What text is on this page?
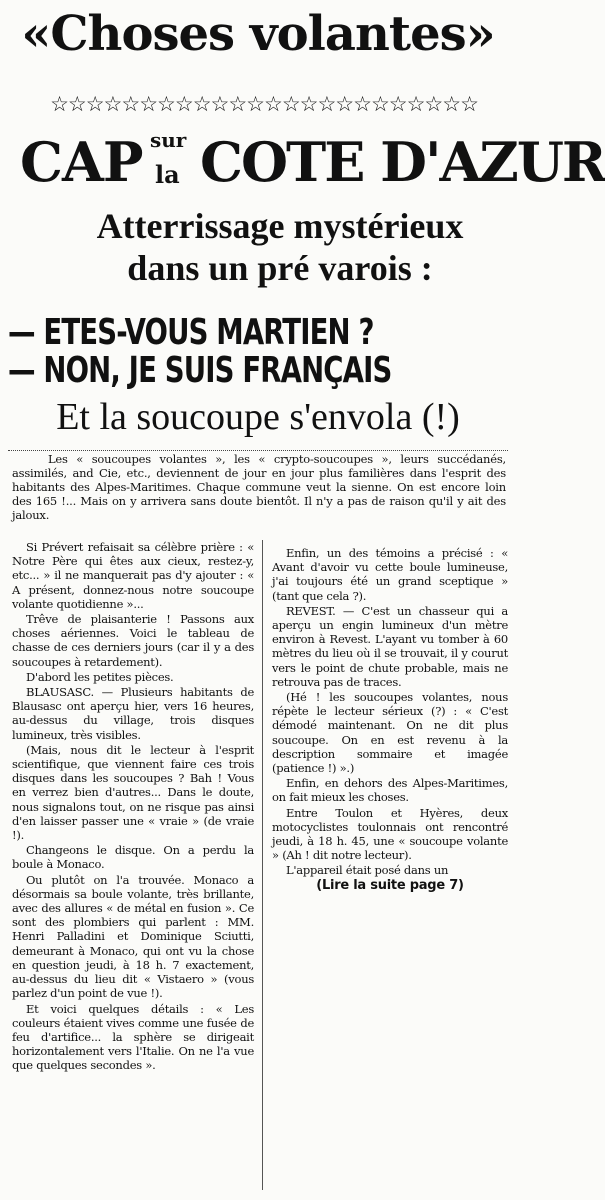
«Choses volantes»
☆☆☆☆☆☆☆☆☆☆☆☆☆☆☆☆☆☆☆☆☆☆☆☆
CAP sur
la COTE D'AZUR
Atterrissage mystérieux
dans un pré varois :
— ETES-VOUS MARTIEN ?
— NON, JE SUIS FRANÇAIS
Et la soucoupe s'envola (!)

Les « soucoupes volantes », les « crypto-soucoupes », leurs succédanés, assimilés, and Cie, etc., deviennent de jour en jour plus familières dans l'esprit des habitants des Alpes-Maritimes. Chaque commune veut la sienne. On est encore loin des 165 !... Mais on y arrivera sans doute bientôt. Il n'y a pas de raison qu'il y ait des jaloux.

Si Prévert refaisait sa célèbre prière : « Notre Père qui êtes aux cieux, restez-y, etc... » il ne manquerait pas d'y ajouter : « A présent, donnez-nous notre soucoupe volante quotidienne »...

Trêve de plaisanterie ! Passons aux choses aériennes. Voici le tableau de chasse de ces derniers jours (car il y a des soucoupes à retardement).

D'abord les petites pièces.

BLAUSASC. — Plusieurs habitants de Blausasc ont aperçu hier, vers 16 heures, au-dessus du village, trois disques lumineux, très visibles.

(Mais, nous dit le lecteur à l'esprit scientifique, que viennent faire ces trois disques dans les soucoupes ? Bah ! Vous en verrez bien d'autres... Dans le doute, nous signalons tout, on ne risque pas ainsi d'en laisser passer une « vraie » (de vraie !).

Changeons le disque. On a perdu la boule à Monaco.

Ou plutôt on l'a trouvée. Monaco a désormais sa boule volante, très brillante, avec des allures « de métal en fusion ». Ce sont des plombiers qui parlent : MM. Henri Palladini et Dominique Sciutti, demeurant à Monaco, qui ont vu la chose en question jeudi, à 18 h. 7 exactement, au-dessus du lieu dit « Vistaero » (vous parlez d'un point de vue !).

Et voici quelques détails : « Les couleurs étaient vives comme une fusée de feu d'artifice... la sphère se dirigeait horizontalement vers l'Italie. On ne l'a vue que quelques secondes ».

Enfin, un des témoins a précisé : « Avant d'avoir vu cette boule lumineuse, j'ai toujours été un grand sceptique » (tant que cela ?).

REVEST. — C'est un chasseur qui a aperçu un engin lumineux d'un mètre environ à Revest. L'ayant vu tomber à 60 mètres du lieu où il se trouvait, il y courut vers le point de chute probable, mais ne retrouva pas de traces.

(Hé ! les soucoupes volantes, nous répète le lecteur sérieux (?) : « C'est démodé maintenant. On ne dit plus soucoupe. On en est revenu à la description sommaire et imagée (patience !) ».)

Enfin, en dehors des Alpes-Maritimes, on fait mieux les choses.

Entre Toulon et Hyères, deux motocyclistes toulonnais ont rencontré jeudi, à 18 h. 45, une « soucoupe volante » (Ah ! dit notre lecteur).

L'appareil était posé dans un

(Lire la suite page 7)
